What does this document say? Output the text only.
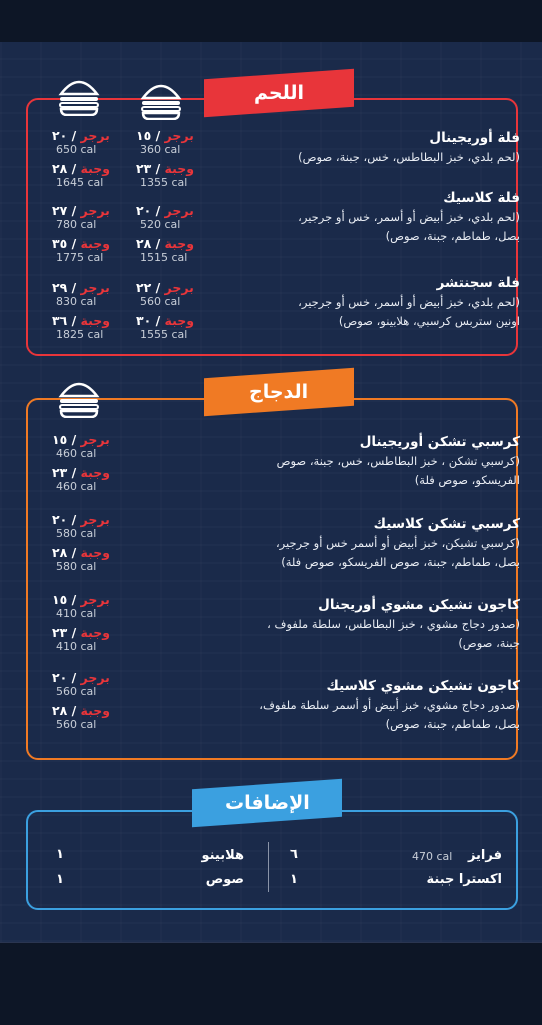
اللحم
فلة أوريجينال
(لحم بلدي، خبز البطاطس، خس، جبنة، صوص)
برجر / ١٥
360 cal
وجبة / ٢٣
1355 cal
برجر / ٢٠
650 cal
وجبة / ٢٨
1645 cal
فلة كلاسيك
(لحم بلدي، خبز أبيض أو أسمر، خس أو جرجير،
بصل، طماطم، جبنة، صوص)
برجر / ٢٠
520 cal
وجبة / ٢٨
1515 cal
برجر / ٢٧
780 cal
وجبة / ٣٥
1775 cal
فلة سجنتشر
(لحم بلدي، خبز أبيض أو أسمر، خس أو جرجير،
اونين ستربس كرسبي، هلابينو، صوص)
برجر / ٢٢
560 cal
وجبة / ٣٠
1555 cal
برجر / ٢٩
830 cal
وجبة / ٣٦
1825 cal
الدجاج
كرسبي تشكن أوريجينال
(كرسبي تشكن ، خبز البطاطس، خس، جبنة، صوص
الفريسكو، صوص فلة)
برجر / ١٥
460 cal
وجبة / ٢٣
460 cal
كرسبي تشكن كلاسيك
(كرسبي تشيكن، خبز أبيض أو أسمر خس أو جرجير،
بصل، طماطم، جبنة، صوص الفريسكو، صوص فلة)
برجر / ٢٠
580 cal
وجبة / ٢٨
580 cal
كاجون تشيكن مشوي أوريجنال
(صدور دجاج مشوي ، خبز البطاطس، سلطة ملفوف ،
جبنة، صوص)
برجر / ١٥
410 cal
وجبة / ٢٣
410 cal
كاجون تشيكن مشوي كلاسيك
(صدور دجاج مشوي، خبز أبيض أو أسمر سلطة ملفوف،
بصل، طماطم، جبنة، صوص)
برجر / ٢٠
560 cal
وجبة / ٢٨
560 cal
الإضافات
فرايز
470 cal
٦
اكسترا جبنة
١
هلابينو
١
صوص
١
